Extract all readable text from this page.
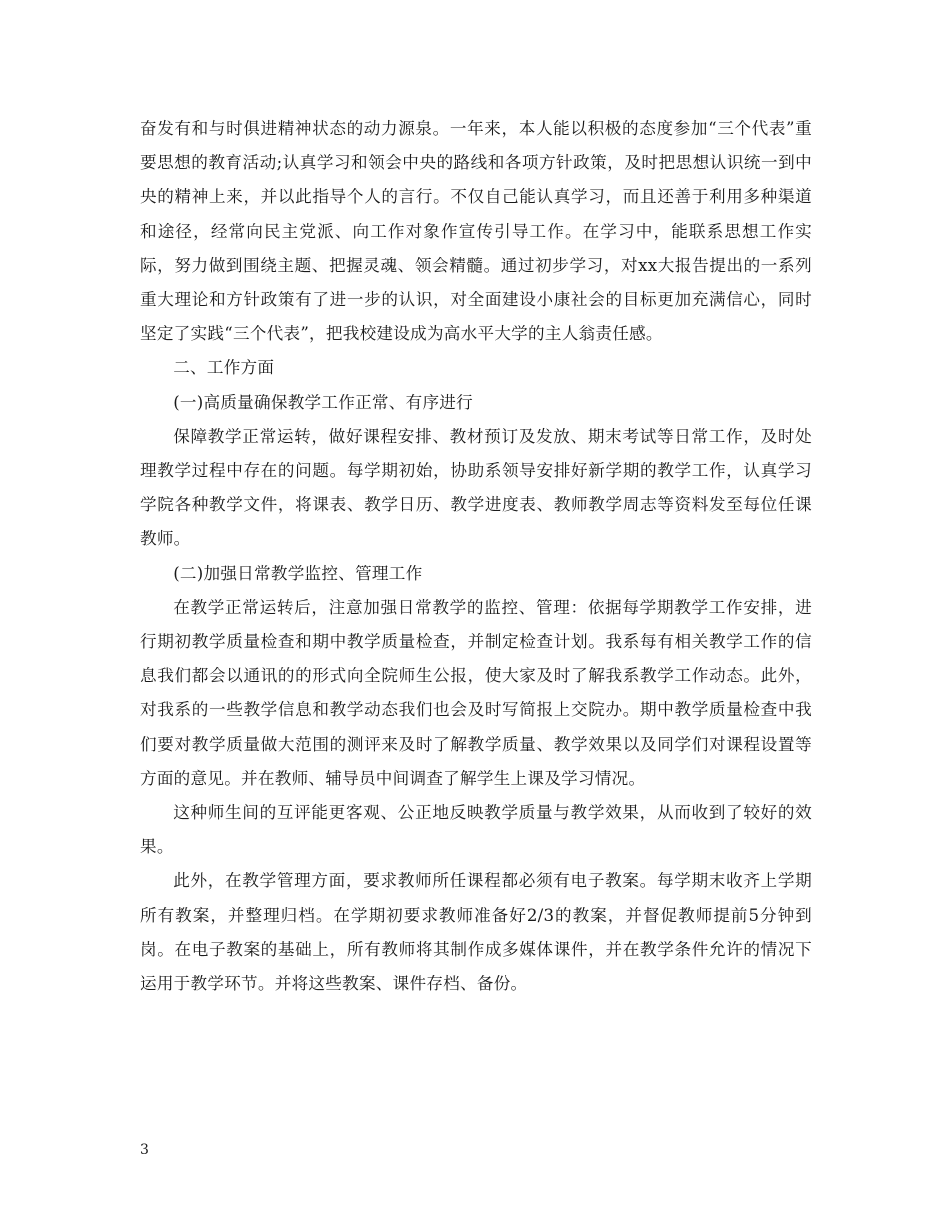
奋发有和与时俱进精神状态的动力源泉。一年来，本人能以积极的态度参加“三个代表”重要思想的教育活动;认真学习和领会中央的路线和各项方针政策，及时把思想认识统一到中央的精神上来，并以此指导个人的言行。不仅自己能认真学习，而且还善于利用多种渠道和途径，经常向民主党派、向工作对象作宣传引导工作。在学习中，能联系思想工作实际，努力做到围绕主题、把握灵魂、领会精髓。通过初步学习，对xx大报告提出的一系列重大理论和方针政策有了进一步的认识，对全面建设小康社会的目标更加充满信心，同时坚定了实践“三个代表”，把我校建设成为高水平大学的主人翁责任感。

二、工作方面

(一)高质量确保教学工作正常、有序进行

保障教学正常运转，做好课程安排、教材预订及发放、期末考试等日常工作，及时处理教学过程中存在的问题。每学期初始，协助系领导安排好新学期的教学工作，认真学习学院各种教学文件，将课表、教学日历、教学进度表、教师教学周志等资料发至每位任课教师。

(二)加强日常教学监控、管理工作

在教学正常运转后，注意加强日常教学的监控、管理：依据每学期教学工作安排，进行期初教学质量检查和期中教学质量检查，并制定检查计划。我系每有相关教学工作的信息我们都会以通讯的的形式向全院师生公报，使大家及时了解我系教学工作动态。此外，对我系的一些教学信息和教学动态我们也会及时写简报上交院办。期中教学质量检查中我们要对教学质量做大范围的测评来及时了解教学质量、教学效果以及同学们对课程设置等方面的意见。并在教师、辅导员中间调查了解学生上课及学习情况。

这种师生间的互评能更客观、公正地反映教学质量与教学效果，从而收到了较好的效果。

此外，在教学管理方面，要求教师所任课程都必须有电子教案。每学期末收齐上学期所有教案，并整理归档。在学期初要求教师准备好2/3的教案，并督促教师提前5分钟到岗。在电子教案的基础上，所有教师将其制作成多媒体课件，并在教学条件允许的情况下运用于教学环节。并将这些教案、课件存档、备份。

3
